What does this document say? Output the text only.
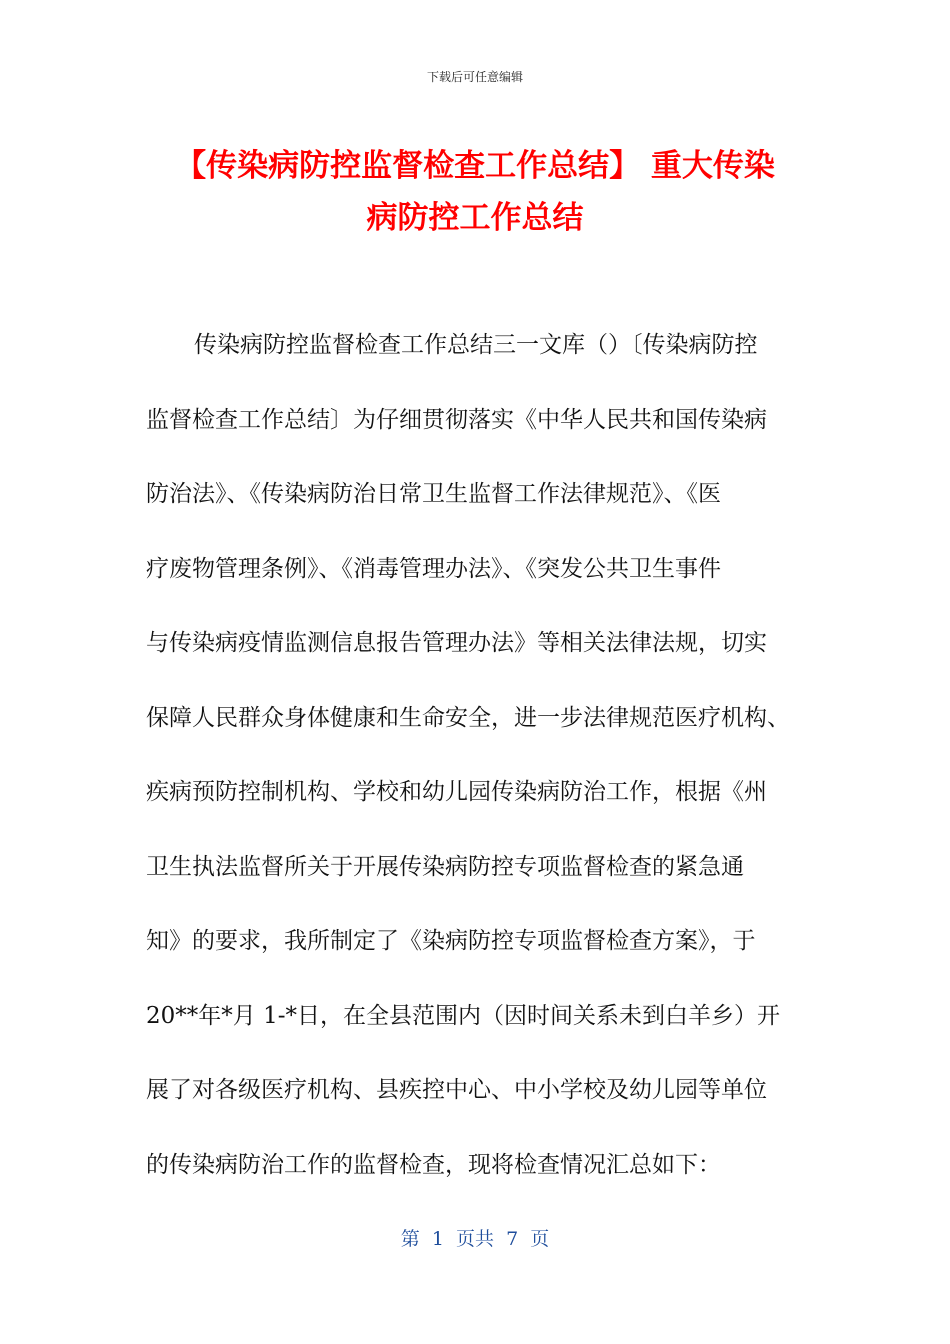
下载后可任意编辑
【传染病防控监督检查工作总结】 重大传染
病防控工作总结
传染病防控监督检查工作总结三一文库（）〔传染病防控
监督检查工作总结〕为仔细贯彻落实《中华人民共和国传染病
防治法》、《传染病防治日常卫生监督工作法律规范》、《医
疗废物管理条例》、《消毒管理办法》、《突发公共卫生事件
与传染病疫情监测信息报告管理办法》等相关法律法规，切实
保障人民群众身体健康和生命安全，进一步法律规范医疗机构、
疾病预防控制机构、学校和幼儿园传染病防治工作，根据《州
卫生执法监督所关于开展传染病防控专项监督检查的紧急通
知》的要求，我所制定了《染病防控专项监督检查方案》，于
20**年*月 1-*日，在全县范围内（因时间关系未到白羊乡）开
展了对各级医疗机构、县疾控中心、中小学校及幼儿园等单位
的传染病防治工作的监督检查，现将检查情况汇总如下：
第  1  页共  7  页
